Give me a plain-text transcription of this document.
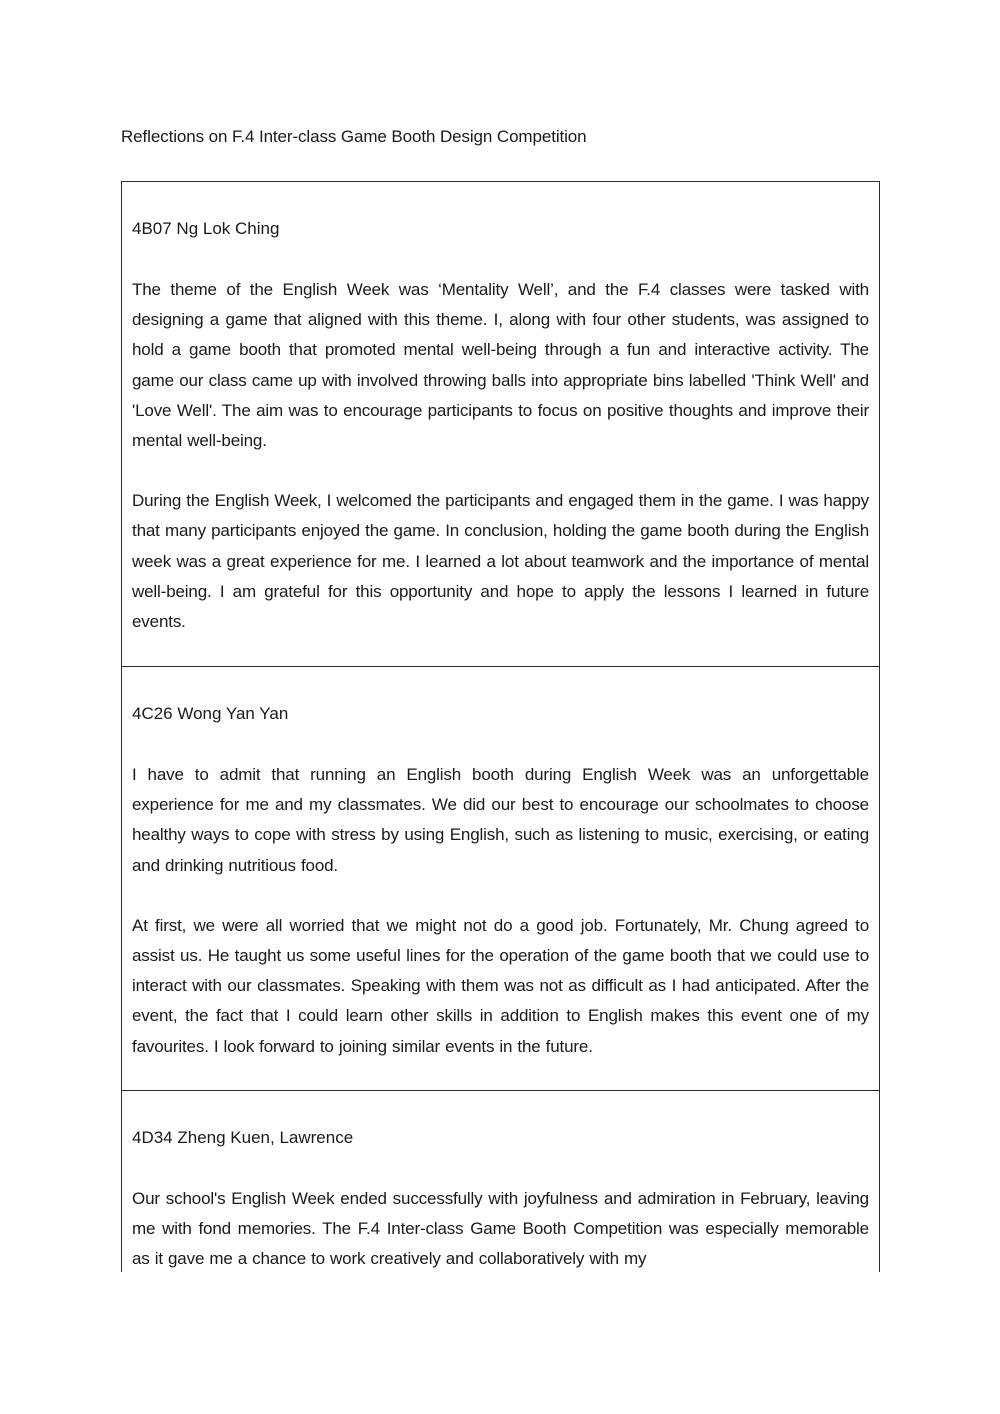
Reflections on F.4 Inter-class Game Booth Design Competition
4B07 Ng Lok Ching

The theme of the English Week was ‘Mentality Well’, and the F.4 classes were tasked with designing a game that aligned with this theme. I, along with four other students, was assigned to hold a game booth that promoted mental well-being through a fun and interactive activity. The game our class came up with involved throwing balls into appropriate bins labelled 'Think Well' and 'Love Well'. The aim was to encourage participants to focus on positive thoughts and improve their mental well-being.

During the English Week, I welcomed the participants and engaged them in the game. I was happy that many participants enjoyed the game. In conclusion, holding the game booth during the English week was a great experience for me. I learned a lot about teamwork and the importance of mental well-being. I am grateful for this opportunity and hope to apply the lessons I learned in future events.

4C26 Wong Yan Yan

I have to admit that running an English booth during English Week was an unforgettable experience for me and my classmates. We did our best to encourage our schoolmates to choose healthy ways to cope with stress by using English, such as listening to music, exercising, or eating and drinking nutritious food.

At first, we were all worried that we might not do a good job. Fortunately, Mr. Chung agreed to assist us. He taught us some useful lines for the operation of the game booth that we could use to interact with our classmates. Speaking with them was not as difficult as I had anticipated. After the event, the fact that I could learn other skills in addition to English makes this event one of my favourites. I look forward to joining similar events in the future.

4D34 Zheng Kuen, Lawrence

Our school's English Week ended successfully with joyfulness and admiration in February, leaving me with fond memories. The F.4 Inter-class Game Booth Competition was especially memorable as it gave me a chance to work creatively and collaboratively with my
